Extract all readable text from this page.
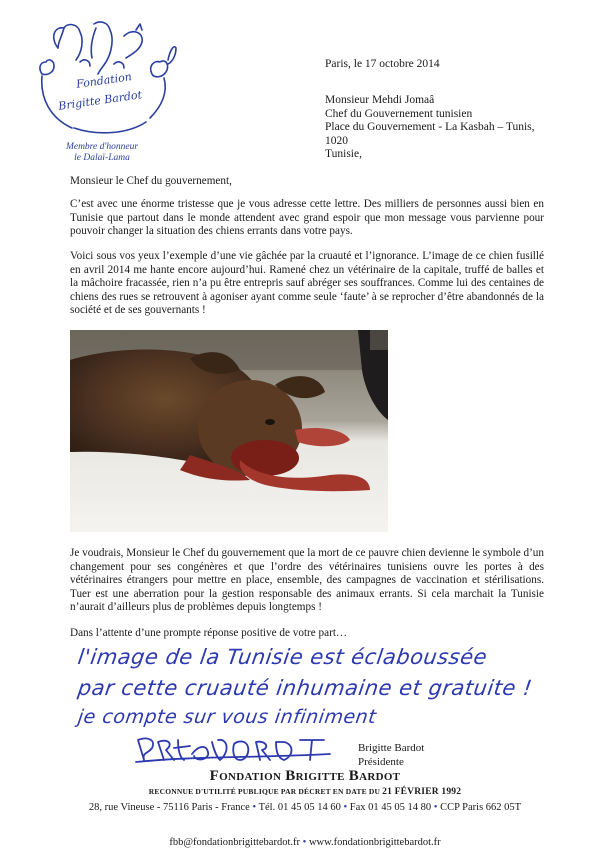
Fondation
Brigitte Bardot
Membre d'honneur
le Dalaï-Lama
Paris, le 17 octobre 2014
Monsieur Mehdi Jomaâ
Chef du Gouvernement tunisien
Place du Gouvernement - La Kasbah – Tunis,
1020
Tunisie,
Monsieur le Chef du gouvernement,
C’est avec une énorme tristesse que je vous adresse cette lettre. Des milliers de personnes aussi bien en Tunisie que partout dans le monde attendent avec grand espoir que mon message vous parvienne pour pouvoir changer la situation des chiens errants dans votre pays.
Voici sous vos yeux l’exemple d’une vie gâchée par la cruauté et l’ignorance. L’image de ce chien fusillé en avril 2014 me hante encore aujourd’hui. Ramené chez un vétérinaire de la capitale, truffé de balles et la mâchoire fracassée, rien n’a pu être entrepris sauf abréger ses souffrances. Comme lui des centaines de chiens des rues se retrouvent à agoniser ayant comme seule ‘faute’ à se reprocher d’être abandonnés de la société et de ses gouvernants !
Je voudrais, Monsieur le Chef du gouvernement que la mort de ce pauvre chien devienne le symbole d’un changement pour ses congénères et que l’ordre des vétérinaires tunisiens ouvre les portes à des vétérinaires étrangers pour mettre en place, ensemble, des campagnes de vaccination et stérilisations. Tuer est une aberration pour la gestion responsable des animaux errants. Si cela marchait la Tunisie n’aurait d’ailleurs plus de problèmes depuis longtemps !
Dans l’attente d’une prompte réponse positive de votre part…
l'image de la Tunisie est éclaboussée
par cette cruauté inhumaine et gratuite !
je compte sur vous infiniment
Brigitte Bardot
Présidente
Fondation Brigitte Bardot
RECONNUE D'UTILITÉ PUBLIQUE PAR DÉCRET EN DATE DU 21 FÉVRIER 1992
28, rue Vineuse - 75116 Paris - France • Tél. 01 45 05 14 60 • Fax 01 45 05 14 80 • CCP Paris 662 05T
fbb@fondationbrigittebardot.fr • www.fondationbrigittebardot.fr
